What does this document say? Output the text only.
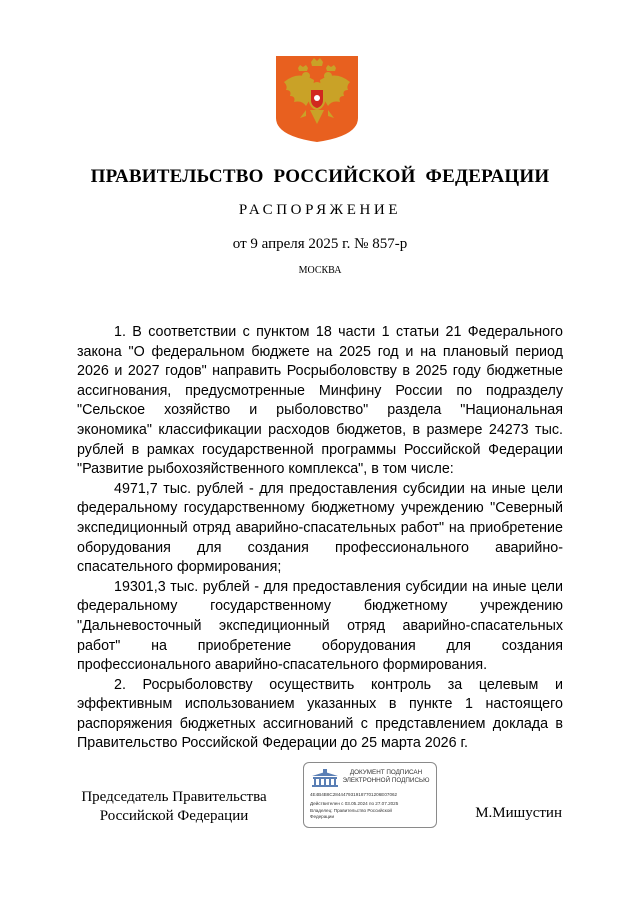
ПРАВИТЕЛЬСТВО РОССИЙСКОЙ ФЕДЕРАЦИИ
РАСПОРЯЖЕНИЕ
от 9 апреля 2025 г. № 857-р
МОСКВА

1. В соответствии с пунктом 18 части 1 статьи 21 Федерального закона "О федеральном бюджете на 2025 год и на плановый период 2026 и 2027 годов" направить Росрыболовству в 2025 году бюджетные ассигнования, предусмотренные Минфину России по подразделу "Сельское хозяйство и рыболовство" раздела "Национальная экономика" классификации расходов бюджетов, в размере 24273 тыс. рублей в рамках государственной программы Российской Федерации "Развитие рыбохозяйственного комплекса", в том числе:

4971,7 тыс. рублей - для предоставления субсидии на иные цели федеральному государственному бюджетному учреждению "Северный экспедиционный отряд аварийно-спасательных работ" на приобретение оборудования для создания профессионального аварийно-спасательного формирования;

19301,3 тыс. рублей - для предоставления субсидии на иные цели федеральному государственному бюджетному учреждению "Дальневосточный экспедиционный отряд аварийно-спасательных работ" на приобретение оборудования для создания профессионального аварийно-спасательного формирования.

2. Росрыболовству осуществить контроль за целевым и эффективным использованием указанных в пункте 1 настоящего распоряжения бюджетных ассигнований с представлением доклада в Правительство Российской Федерации до 25 марта 2026 г.

Председатель Правительства
Российской Федерации
ДОКУМЕНТ ПОДПИСАН
ЭЛЕКТРОННОЙ ПОДПИСЬЮ
4E4B4B8C2844479319187701206E07062
Действителен с 03.05.2024 по 27.07.2025
Владелец: Правительство Российской
Федерации	М.Мишустин
